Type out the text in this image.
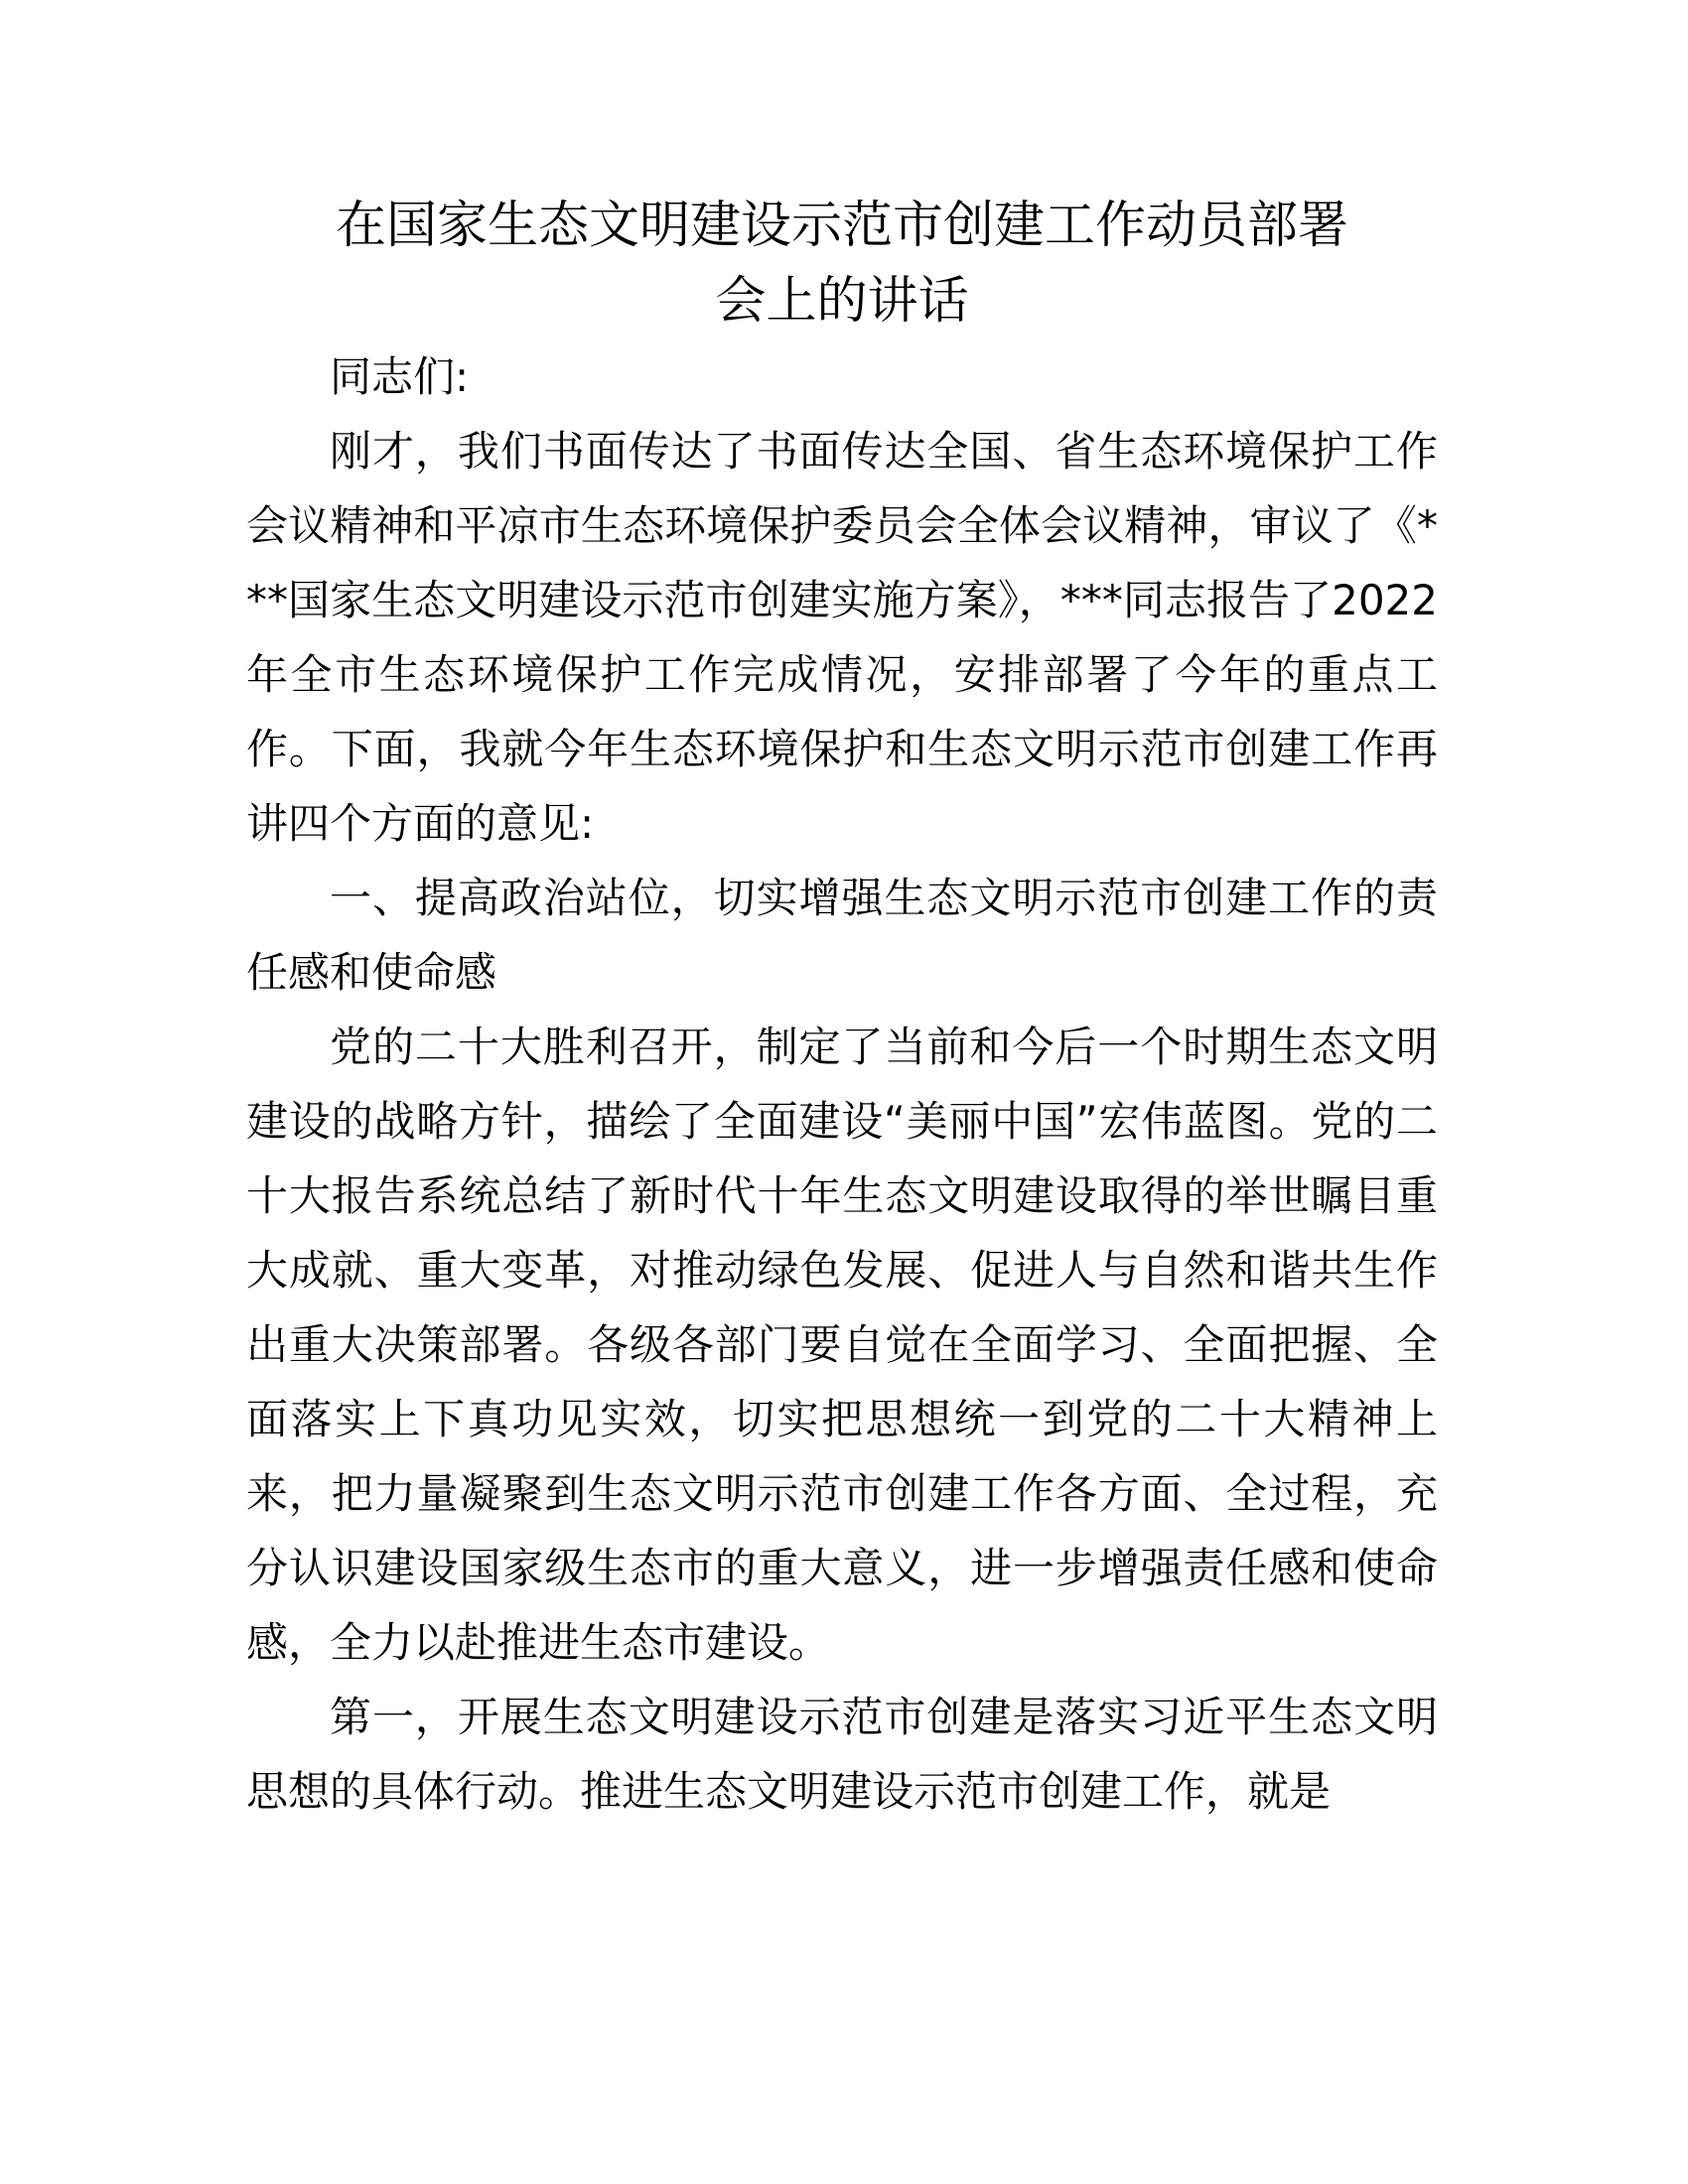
在国家生态文明建设示范市创建工作动员部署
会上的讲话

同志们:

刚才，我们书面传达了书面传达全国、省生态环境保护工作会议精神和平凉市生态环境保护委员会全体会议精神，审议了《***国家生态文明建设示范市创建实施方案》，***同志报告了2022年全市生态环境保护工作完成情况，安排部署了今年的重点工作。下面，我就今年生态环境保护和生态文明示范市创建工作再讲四个方面的意见:

一、提高政治站位，切实增强生态文明示范市创建工作的责任感和使命感

党的二十大胜利召开，制定了当前和今后一个时期生态文明建设的战略方针，描绘了全面建设“美丽中国”宏伟蓝图。党的二十大报告系统总结了新时代十年生态文明建设取得的举世瞩目重大成就、重大变革，对推动绿色发展、促进人与自然和谐共生作出重大决策部署。各级各部门要自觉在全面学习、全面把握、全面落实上下真功见实效，切实把思想统一到党的二十大精神上来，把力量凝聚到生态文明示范市创建工作各方面、全过程，充分认识建设国家级生态市的重大意义，进一步增强责任感和使命感，全力以赴推进生态市建设。

第一，开展生态文明建设示范市创建是落实习近平生态文明思想的具体行动。推进生态文明建设示范市创建工作，就是
